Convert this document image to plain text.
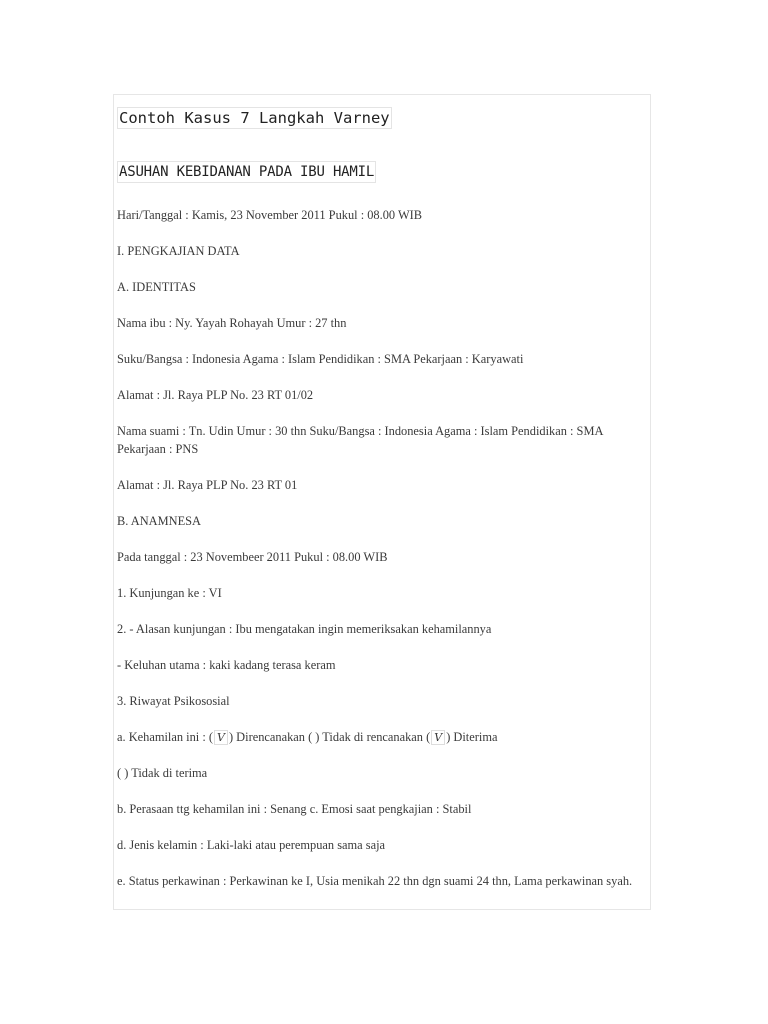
Contoh Kasus 7 Langkah Varney
ASUHAN KEBIDANAN PADA IBU HAMIL
Hari/Tanggal : Kamis, 23 November 2011 Pukul : 08.00 WIB
I. PENGKAJIAN DATA
A. IDENTITAS
Nama ibu : Ny. Yayah Rohayah Umur : 27 thn
Suku/Bangsa : Indonesia Agama : Islam Pendidikan : SMA Pekarjaan : Karyawati
Alamat : Jl. Raya PLP No. 23 RT 01/02
Nama suami : Tn. Udin Umur : 30 thn Suku/Bangsa : Indonesia Agama : Islam Pendidikan : SMA Pekarjaan : PNS
Alamat : Jl. Raya PLP No. 23 RT 01
B. ANAMNESA
Pada tanggal : 23 Novembeer 2011 Pukul : 08.00 WIB
1. Kunjungan ke : VI
2. - Alasan kunjungan : Ibu mengatakan ingin memeriksakan kehamilannya
- Keluhan utama : kaki kadang terasa keram
3. Riwayat Psikososial
a. Kehamilan ini : ( V ) Direncanakan ( ) Tidak di rencanakan ( V ) Diterima
( ) Tidak di terima
b. Perasaan ttg kehamilan ini : Senang c. Emosi saat pengkajian : Stabil
d. Jenis kelamin : Laki-laki atau perempuan sama saja
e. Status perkawinan : Perkawinan ke I, Usia menikah 22 thn dgn suami 24 thn, Lama perkawinan syah.
